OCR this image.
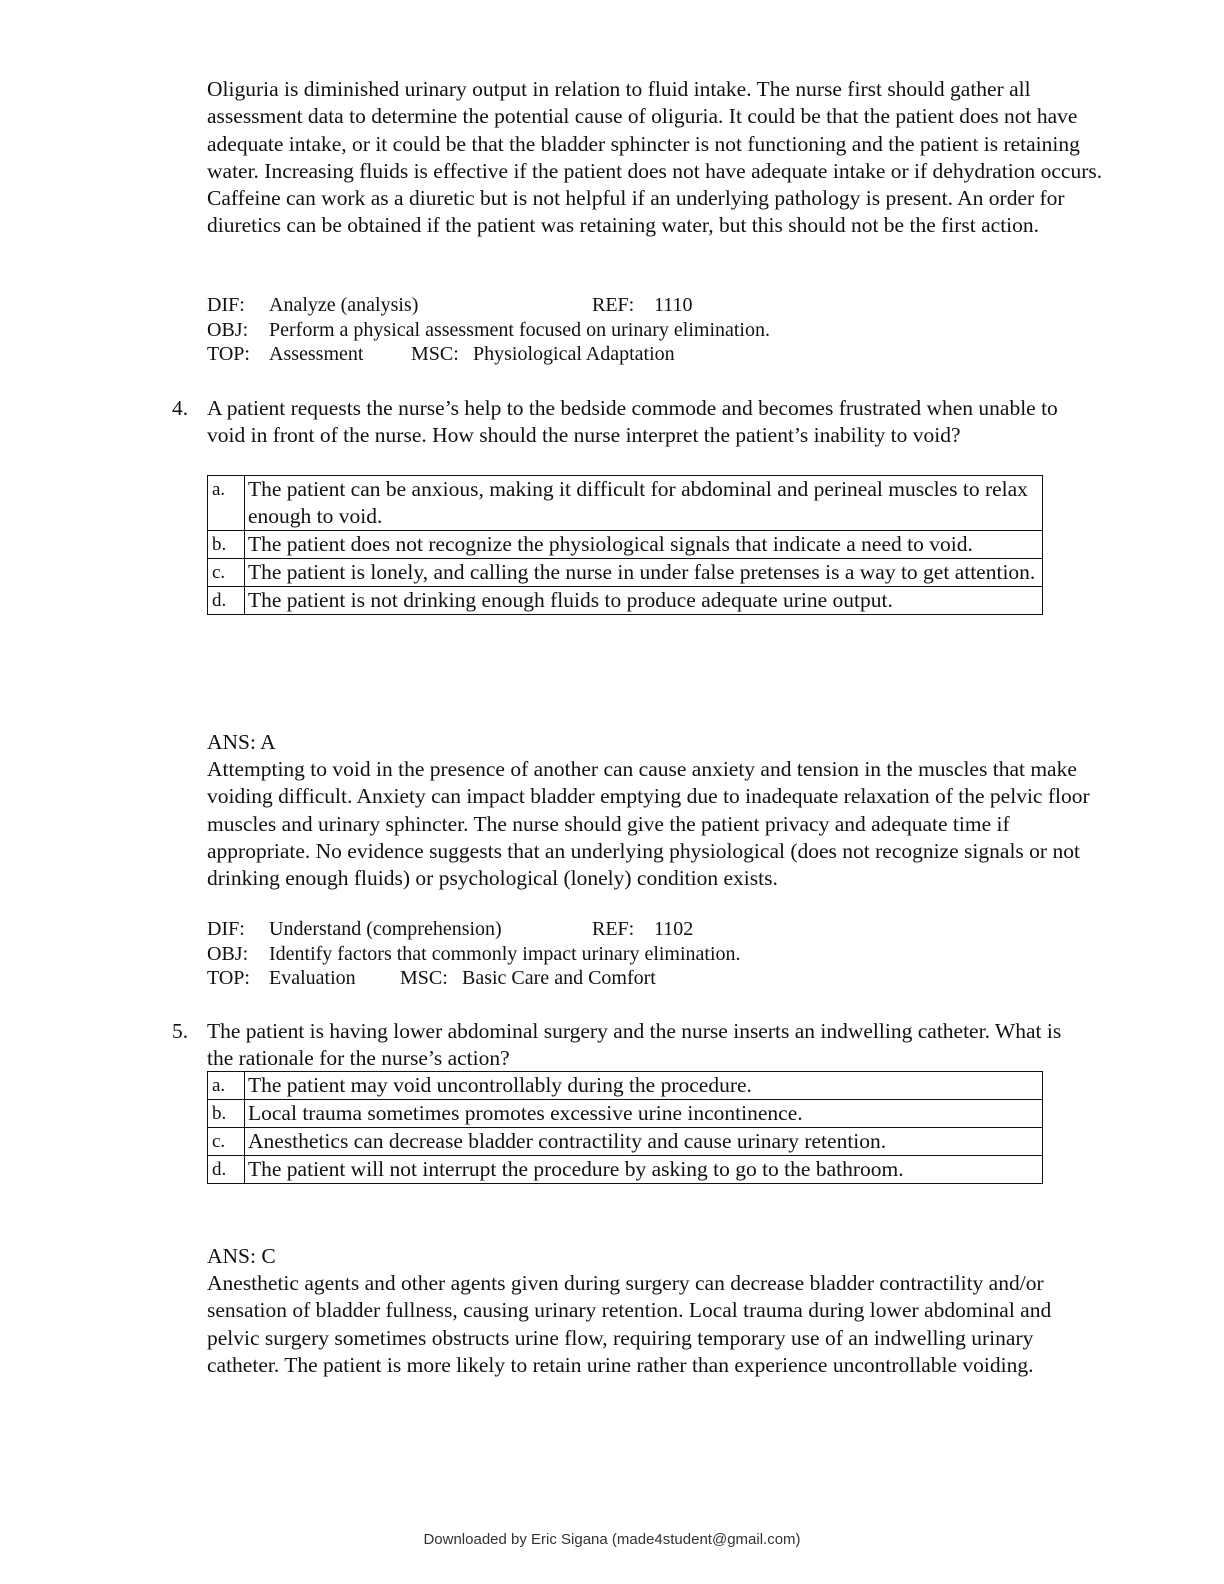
Oliguria is diminished urinary output in relation to fluid intake. The nurse first should gather all assessment data to determine the potential cause of oliguria. It could be that the patient does not have adequate intake, or it could be that the bladder sphincter is not functioning and the patient is retaining water. Increasing fluids is effective if the patient does not have adequate intake or if dehydration occurs. Caffeine can work as a diuretic but is not helpful if an underlying pathology is present. An order for diuretics can be obtained if the patient was retaining water, but this should not be the first action.

DIF: Analyze (analysis)	REF: 1110
OBJ: Perform a physical assessment focused on urinary elimination.
TOP: Assessment MSC: Physiological Adaptation
4. A patient requests the nurse’s help to the bedside commode and becomes frustrated when unable to void in front of the nurse. How should the nurse interpret the patient’s inability to void?

a.	The patient can be anxious, making it difficult for abdominal and perineal muscles to relax enough to void.
b.	The patient does not recognize the physiological signals that indicate a need to void.
c.	The patient is lonely, and calling the nurse in under false pretenses is a way to get attention.
d.	The patient is not drinking enough fluids to produce adequate urine output.
ANS: A

Attempting to void in the presence of another can cause anxiety and tension in the muscles that make voiding difficult. Anxiety can impact bladder emptying due to inadequate relaxation of the pelvic floor muscles and urinary sphincter. The nurse should give the patient privacy and adequate time if appropriate. No evidence suggests that an underlying physiological (does not recognize signals or not drinking enough fluids) or psychological (lonely) condition exists.

DIF: Understand (comprehension)	REF: 1102
OBJ: Identify factors that commonly impact urinary elimination.
TOP: Evaluation MSC: Basic Care and Comfort
5. The patient is having lower abdominal surgery and the nurse inserts an indwelling catheter. What is the rationale for the nurse’s action?

a.	The patient may void uncontrollably during the procedure.
b.	Local trauma sometimes promotes excessive urine incontinence.
c.	Anesthetics can decrease bladder contractility and cause urinary retention.
d.	The patient will not interrupt the procedure by asking to go to the bathroom.
ANS: C

Anesthetic agents and other agents given during surgery can decrease bladder contractility and/or sensation of bladder fullness, causing urinary retention. Local trauma during lower abdominal and pelvic surgery sometimes obstructs urine flow, requiring temporary use of an indwelling urinary catheter. The patient is more likely to retain urine rather than experience uncontrollable voiding.

Downloaded by Eric Sigana (made4student@gmail.com)
